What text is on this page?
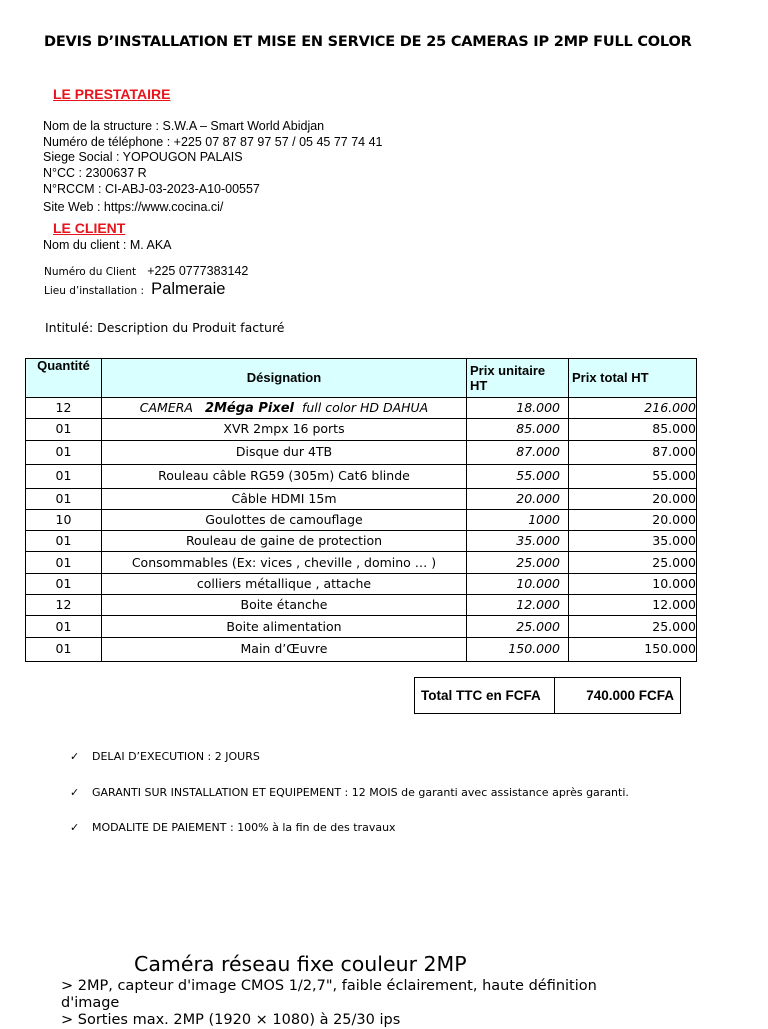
DEVIS D’INSTALLATION ET MISE EN SERVICE DE 25 CAMERAS IP 2MP FULL COLOR
LE PRESTATAIRE
Nom de la structure : S.W.A – Smart World Abidjan
Numéro de téléphone : +225 07 87 87 97 57 / 05 45 77 74 41
Siege Social : YOPOUGON PALAIS
N°CC : 2300637 R
N°RCCM : CI-ABJ-03-2023-A10-00557
Site Web : https://www.cocina.ci/
LE CLIENT
Nom du client : M. AKA
Numéro du Client +225 0777383142
Lieu d’installation : Palmeraie
Intitulé: Description du Produit facturé
Quantité	Désignation	Prix unitaire HT	Prix total HT
12	CAMERA 2Méga Pixel full color HD DAHUA	18.000	216.000
01	XVR 2mpx 16 ports	85.000	85.000
01	Disque dur 4TB	87.000	87.000
01	Rouleau câble RG59 (305m) Cat6 blinde	55.000	55.000
01	Câble HDMI 15m	20.000	20.000
10	Goulottes de camouflage	1000	20.000
01	Rouleau de gaine de protection	35.000	35.000
01	Consommables (Ex: vices , cheville , domino … )	25.000	25.000
01	colliers métallique , attache	10.000	10.000
12	Boite étanche	12.000	12.000
01	Boite alimentation	25.000	25.000
01	Main d’Œuvre	150.000	150.000
Total TTC en FCFA	740.000 FCFA
✓ DELAI D’EXECUTION : 2 JOURS
✓ GARANTI SUR INSTALLATION ET EQUIPEMENT : 12 MOIS de garanti avec assistance après garanti.
✓ MODALITE DE PAIEMENT : 100% à la fin de des travaux
Caméra réseau fixe couleur 2MP
> 2MP, capteur d'image CMOS 1/2,7", faible éclairement, haute définition
d'image
> Sorties max. 2MP (1920 × 1080) à 25/30 ips
